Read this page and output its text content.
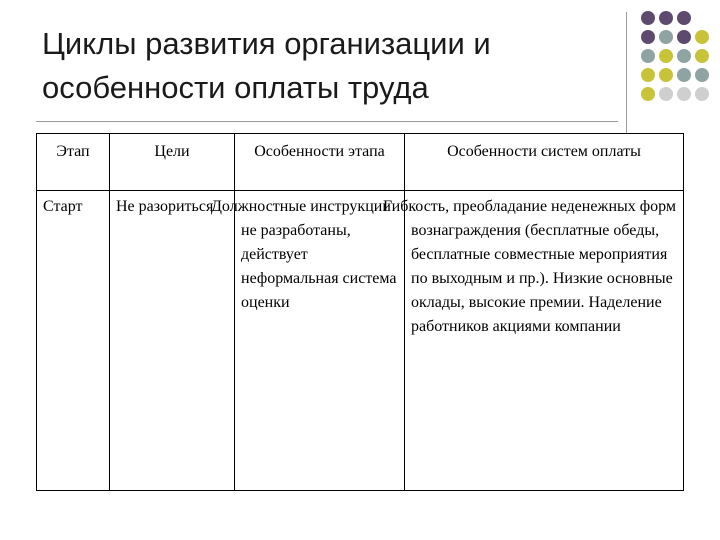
Циклы развития организации и
особенности оплаты труда
Этап	Цели	Особенности этапа	Особенности систем оплаты
Старт	Не разориться	Должностные инструкции не разработаны, действует неформальная система оценки	Гибкость, преобладание неденежных форм вознаграждения (бесплатные обеды, бесплатные совместные мероприятия по выходным и пр.). Низкие основные оклады, высокие премии. Наделение работников акциями компании
